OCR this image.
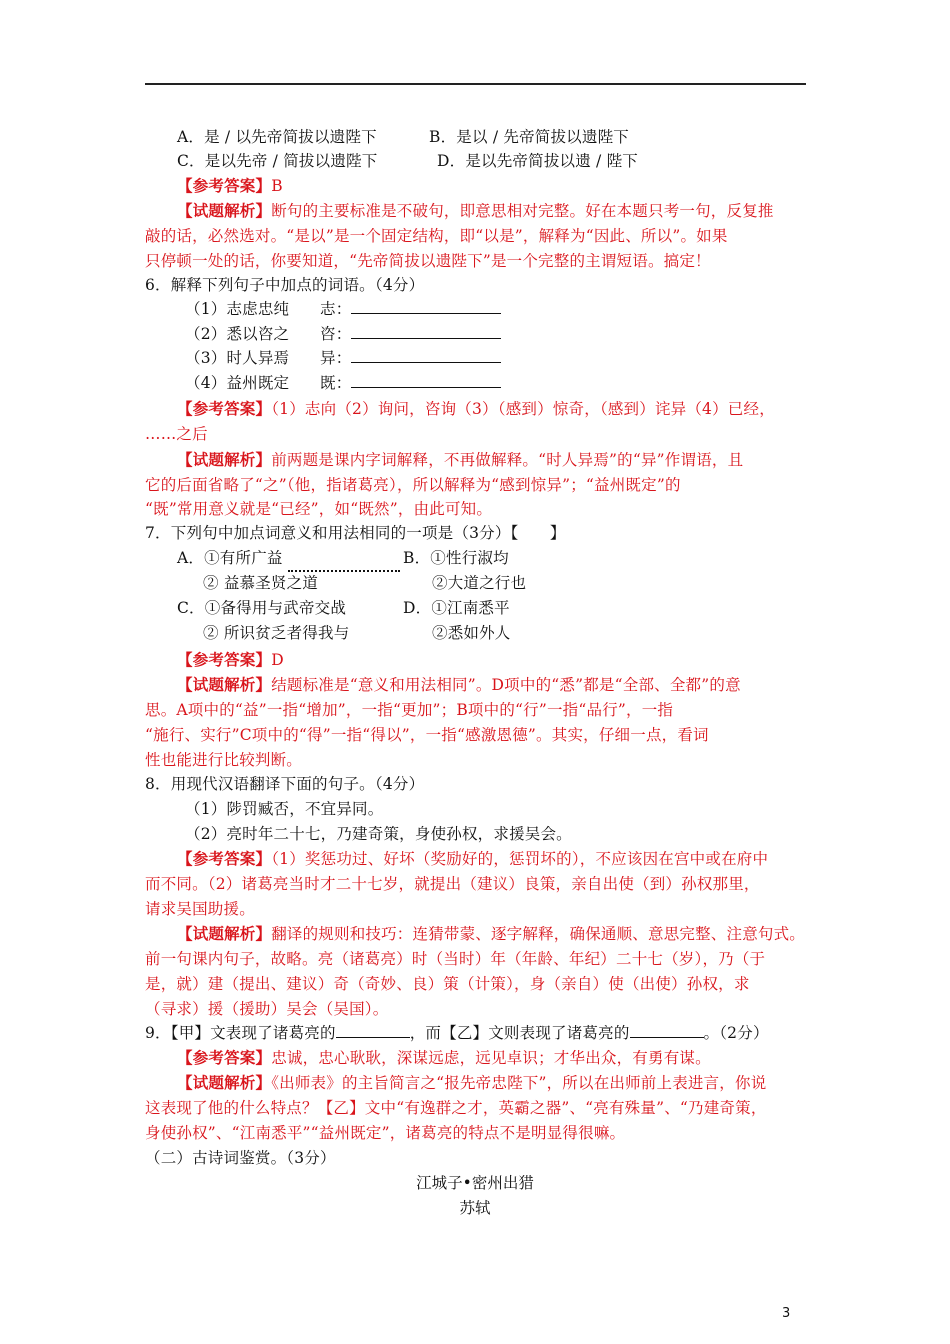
A．是 / 以先帝简拔以遗陛下	B．是以 / 先帝简拔以遗陛下
C．是以先帝 / 简拔以遗陛下	D．是以先帝简拔以遗 / 陛下
【参考答案】B
【试题解析】断句的主要标准是不破句，即意思相对完整。好在本题只考一句，反复推
敲的话，必然选对。“是以”是一个固定结构，即“以是”，解释为“因此、所以”。如果
只停顿一处的话，你要知道，“先帝简拔以遗陛下”是一个完整的主谓短语。搞定！
6．解释下列句子中加点的词语。（4分）
（1）志虑忠纯 志：
（2）悉以咨之 咨：
（3）时人异焉 异：
（4）益州既定 既：
【参考答案】（1）志向（2）询问，咨询（3）（感到）惊奇，（感到）诧异（4）已经，
……之后
【试题解析】前两题是课内字词解释，不再做解释。“时人异焉”的“异”作谓语，且
它的后面省略了“之”（他，指诸葛亮），所以解释为“感到惊异”；“益州既定”的
“既”常用意义就是“已经”，如“既然”，由此可知。
7．下列句中加点词意义和用法相同的一项是（3分）【　　】
A．①有所广益	B．①性行淑均
② 益慕圣贤之道	②大道之行也
C．①备得用与武帝交战	D．①江南悉平
② 所识贫乏者得我与	②悉如外人
【参考答案】D
【试题解析】结题标准是“意义和用法相同”。D项中的“悉”都是“全部、全都”的意
思。A项中的“益”一指“增加”，一指“更加”；B项中的“行”一指“品行”，一指
“施行、实行”C项中的“得”一指“得以”，一指“感激恩德”。其实，仔细一点，看词
性也能进行比较判断。
8．用现代汉语翻译下面的句子。（4分）
（1）陟罚臧否，不宜异同。
（2）亮时年二十七，乃建奇策，身使孙权，求援吴会。
【参考答案】（1）奖惩功过、好坏（奖励好的，惩罚坏的），不应该因在宫中或在府中
而不同。（2）诸葛亮当时才二十七岁，就提出（建议）良策，亲自出使（到）孙权那里，
请求吴国助援。
【试题解析】翻译的规则和技巧：连猜带蒙、逐字解释，确保通顺、意思完整、注意句式。
前一句课内句子，故略。亮（诸葛亮）时（当时）年（年龄、年纪）二十七（岁），乃（于
是，就）建（提出、建议）奇（奇妙、良）策（计策），身（亲自）使（出使）孙权，求
（寻求）援（援助）吴会（吴国）。
9．【甲】文表现了诸葛亮的	，而【乙】文则表现了诸葛亮的	。（2分）
【参考答案】忠诚，忠心耿耿，深谋远虑，远见卓识；才华出众，有勇有谋。
【试题解析】《出师表》的主旨简言之“报先帝忠陛下”，所以在出师前上表进言，你说
这表现了他的什么特点？【乙】文中“有逸群之才，英霸之器”、“亮有殊量”、“乃建奇策，
身使孙权”、“江南悉平”“益州既定”，诸葛亮的特点不是明显得很嘛。
（二）古诗词鉴赏。（3分）
江城子•密州出猎
苏轼
3
